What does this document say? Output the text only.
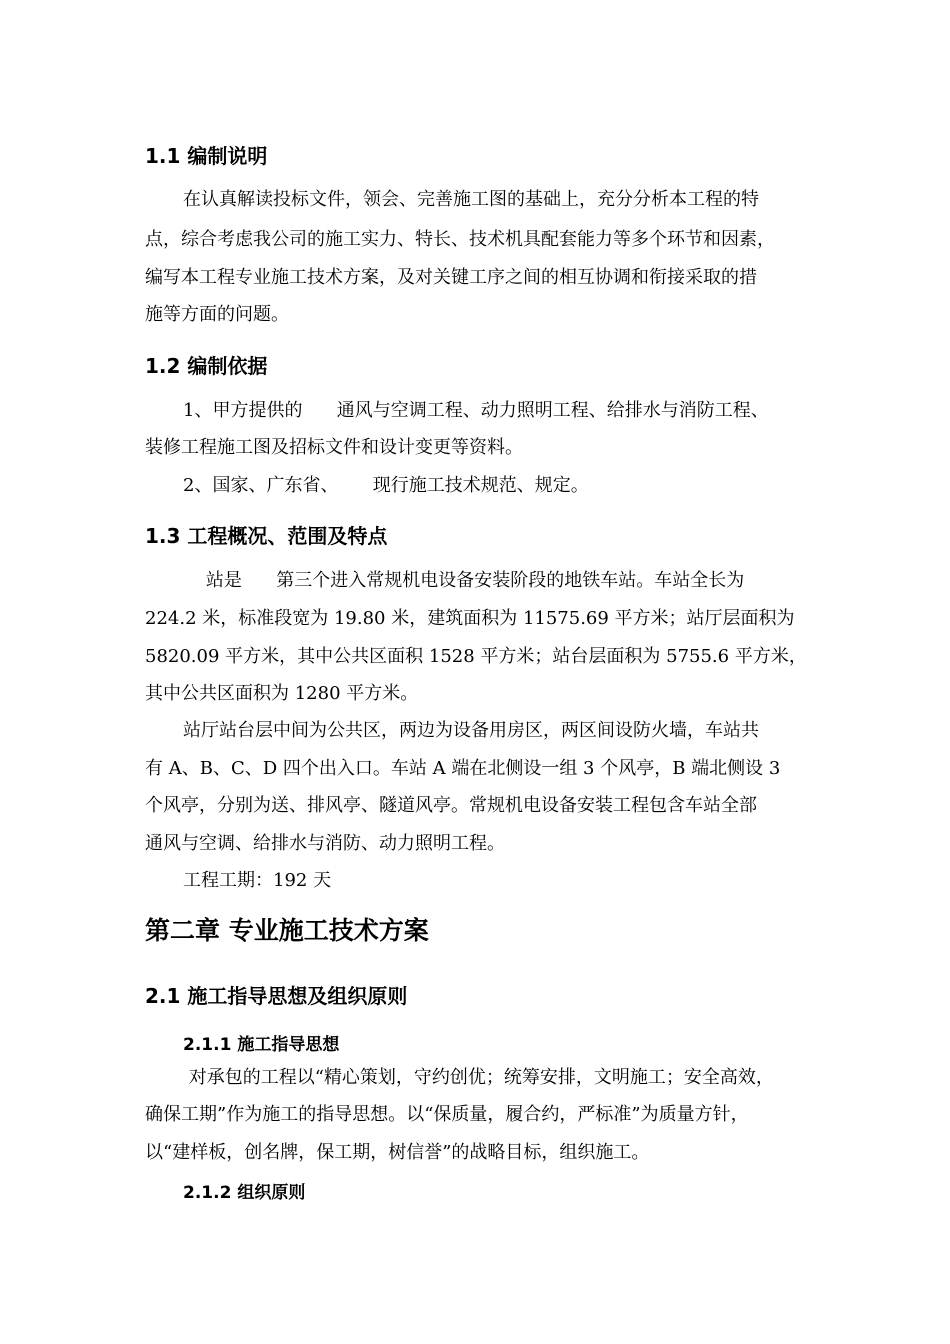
1.1 编制说明
在认真解读投标文件，领会、完善施工图的基础上，充分分析本工程的特
点，综合考虑我公司的施工实力、特长、技术机具配套能力等多个环节和因素，
编写本工程专业施工技术方案，及对关键工序之间的相互协调和衔接采取的措
施等方面的问题。
1.2 编制依据
1、甲方提供的      通风与空调工程、动力照明工程、给排水与消防工程、
装修工程施工图及招标文件和设计变更等资料。
2、国家、广东省、      现行施工技术规范、规定。
1.3 工程概况、范围及特点
站是      第三个进入常规机电设备安装阶段的地铁车站。车站全长为
224.2 米，标准段宽为 19.80 米，建筑面积为 11575.69 平方米；站厅层面积为
5820.09 平方米，其中公共区面积 1528 平方米；站台层面积为 5755.6 平方米，
其中公共区面积为 1280 平方米。
站厅站台层中间为公共区，两边为设备用房区，两区间设防火墙，车站共
有 A、B、C、D 四个出入口。车站 A 端在北侧设一组 3 个风亭，B 端北侧设 3
个风亭，分别为送、排风亭、隧道风亭。常规机电设备安装工程包含车站全部
通风与空调、给排水与消防、动力照明工程。
工程工期：192 天
第二章 专业施工技术方案
2.1 施工指导思想及组织原则
2.1.1 施工指导思想
对承包的工程以“精心策划，守约创优；统筹安排，文明施工；安全高效，
确保工期”作为施工的指导思想。以“保质量，履合约，严标准”为质量方针，
以“建样板，创名牌，保工期，树信誉”的战略目标，组织施工。
2.1.2 组织原则
